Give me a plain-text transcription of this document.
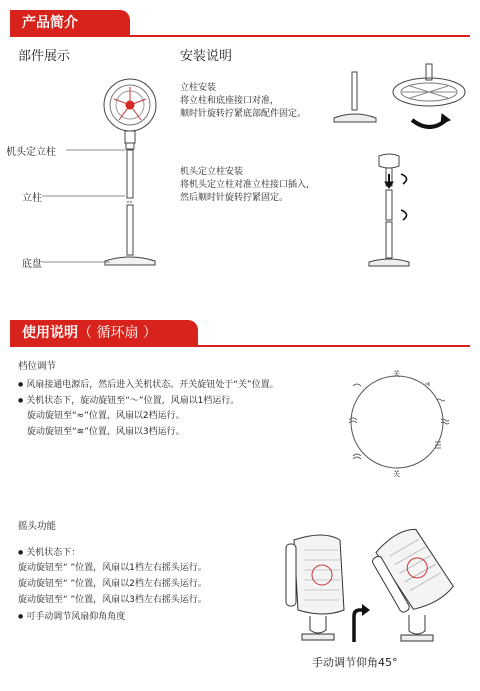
产品简介
部件展示	安装说明
机头定立柱
立柱
底盘
立柱安装
将立柱和底座接口对准，
顺时针旋转拧紧底部配件固定。
机头定立柱安装
将机头定立柱对准立柱接口插入，
然后顺时针旋转拧紧固定。
使用说明（ 循环扇 ）
档位调节
● 风扇接通电源后，然后进入关机状态。开关旋钮处于“关”位置。
● 关机状态下，旋动旋钮至“～”位置，风扇以1档运行。
旋动旋钮至“≈”位置，风扇以2档运行。
旋动旋钮至“≋”位置，风扇以3档运行。
关
关
摇头功能
● 关机状态下：
旋动旋钮至“ ”位置，风扇以1档左右摇头运行。
旋动旋钮至“ ”位置，风扇以2档左右摇头运行。
旋动旋钮至“ ”位置，风扇以3档左右摇头运行。
● 可手动调节风扇仰角角度
手动调节仰角45°
